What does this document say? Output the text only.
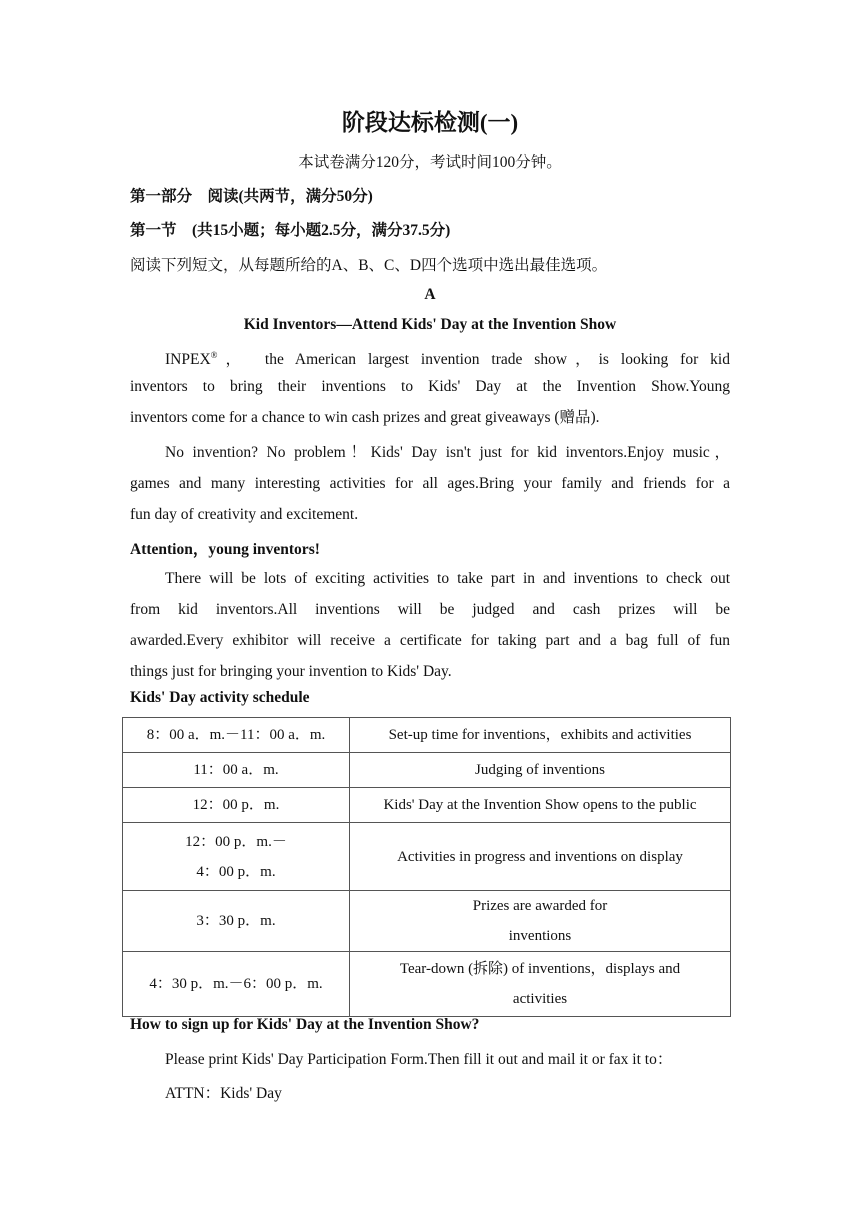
阶段达标检测(一)
本试卷满分120分，考试时间100分钟。
第一部分　阅读(共两节，满分50分)
第一节　(共15小题；每小题2.5分，满分37.5分)
阅读下列短文，从每题所给的A、B、C、D四个选项中选出最佳选项。
A
Kid Inventors—Attend Kids' Day at the Invention Show
INPEX®，　the American largest invention trade show，is looking for kid
inventors to bring their inventions to Kids' Day at the Invention Show.Young
inventors come for a chance to win cash prizes and great giveaways (赠品).
No invention? No problem！Kids' Day isn't just for kid inventors.Enjoy music，
games and many interesting activities for all ages.Bring your family and friends for a
fun day of creativity and excitement.
Attention，young inventors!
There will be lots of exciting activities to take part in and inventions to check out
from kid inventors.All inventions will be judged and cash prizes will be
awarded.Every exhibitor will receive a certificate for taking part and a bag full of fun
things just for bringing your invention to Kids' Day.
Kids' Day activity schedule
8：00 a．m.－11：00 a．m.	Set-up time for inventions，exhibits and activities

11：00 a．m.	Judging of inventions

12：00 p．m.	Kids' Day at the Invention Show opens to the public

12：00 p．m.－
4：00 p．m.	Activities in progress and inventions on display

3：30 p．m.	Prizes are awarded for
inventions

4：30 p．m.－6：00 p．m.	Tear-down (拆除) of inventions，displays and
activities
How to sign up for Kids' Day at the Invention Show?
Please print Kids' Day Participation Form.Then fill it out and mail it or fax it to：
ATTN：Kids' Day
